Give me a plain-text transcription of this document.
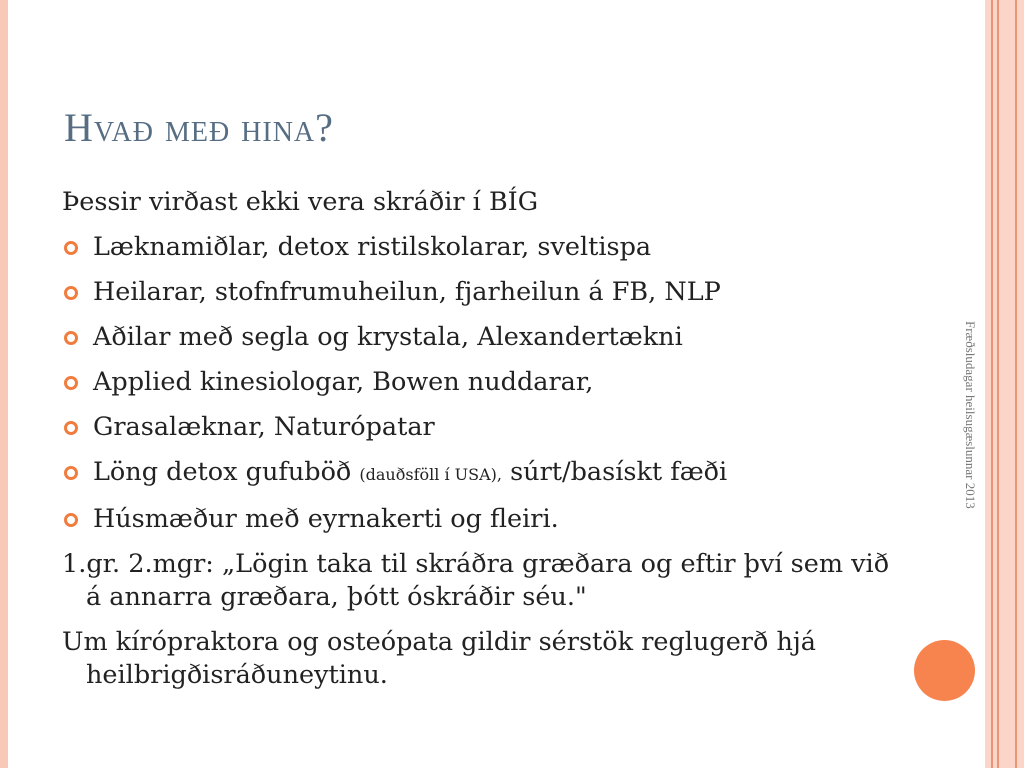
Fræðsludagar heilsugæslunnar 2013
Hvað með hina?
Þessir virðast ekki vera skráðir í BÍG
Læknamiðlar, detox ristilskolarar, sveltispa
Heilarar, stofnfrumuheilun, fjarheilun á FB, NLP
Aðilar með segla og krystala, Alexandertækni
Applied kinesiologar, Bowen nuddarar,
Grasalæknar, Naturópatar
Löng detox gufuböð (dauðsföll í USA), súrt/basískt fæði
Húsmæður með eyrnakerti og fleiri.
1.gr. 2.mgr: „Lögin taka til skráðra græðara og eftir því sem við á annarra græðara, þótt óskráðir séu."
Um kírópraktora og osteópata gildir sérstök reglugerð hjá heilbrigðisráðuneytinu.
